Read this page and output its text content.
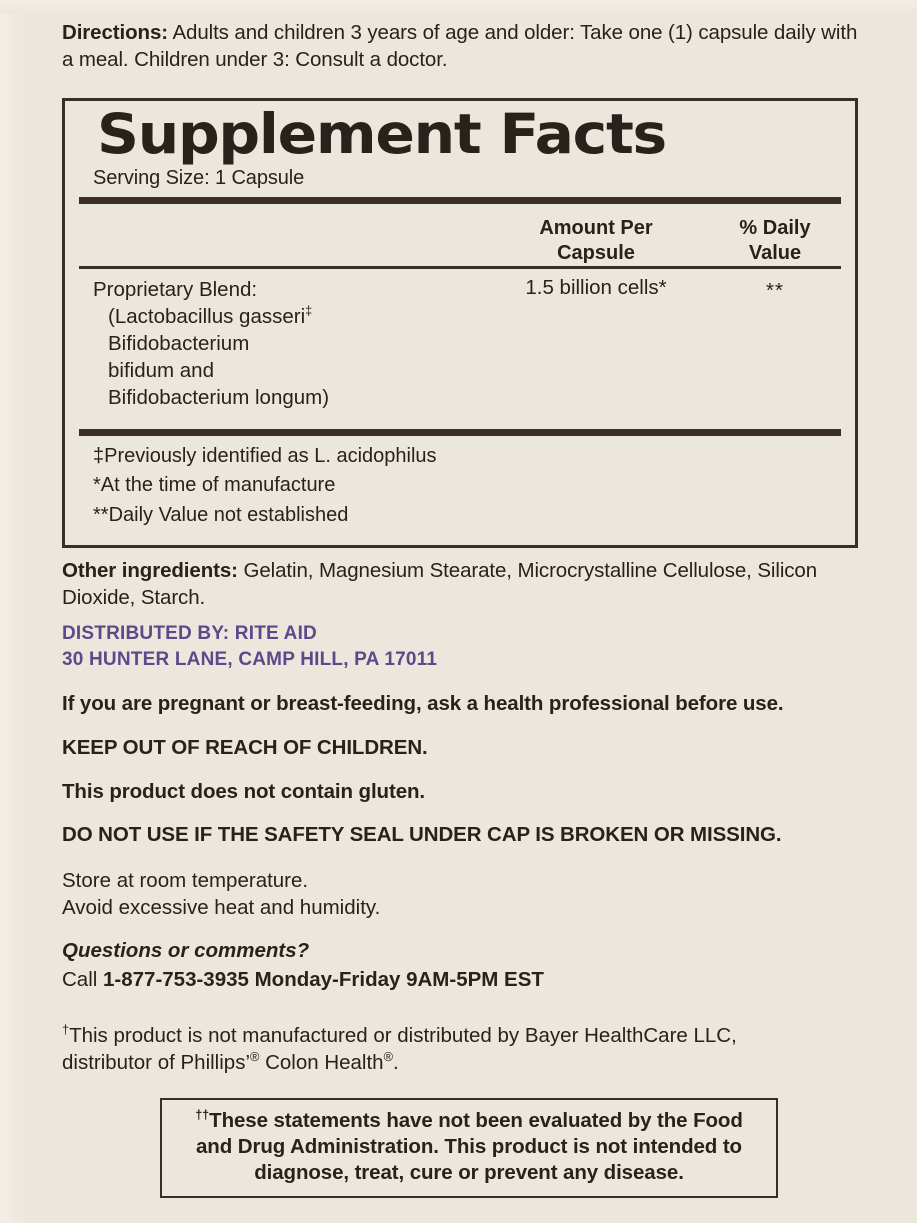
Directions: Adults and children 3 years of age and older: Take one (1) capsule daily with a meal. Children under 3: Consult a doctor.
Supplement Facts
Serving Size: 1 Capsule
Amount Per
Capsule
% Daily
Value
Proprietary Blend:

(Lactobacillus gasseri‡
Bifidobacterium
bifidum and
Bifidobacterium longum)
1.5 billion cells*	**
‡Previously identified as L. acidophilus
*At the time of manufacture
**Daily Value not established
Other ingredients: Gelatin, Magnesium Stearate, Microcrystalline Cellulose, Silicon Dioxide, Starch.
DISTRIBUTED BY: RITE AID
30 HUNTER LANE, CAMP HILL, PA 17011
If you are pregnant or breast-feeding, ask a health professional before use.
KEEP OUT OF REACH OF CHILDREN.
This product does not contain gluten.
DO NOT USE IF THE SAFETY SEAL UNDER CAP IS BROKEN OR MISSING.
Store at room temperature.
Avoid excessive heat and humidity.
Questions or comments?
Call 1-877-753-3935 Monday-Friday 9AM-5PM EST
†This product is not manufactured or distributed by Bayer HealthCare LLC,
distributor of Phillips’® Colon Health®.
††These statements have not been evaluated by the Food and Drug Administration. This product is not intended to diagnose, treat, cure or prevent any disease.
